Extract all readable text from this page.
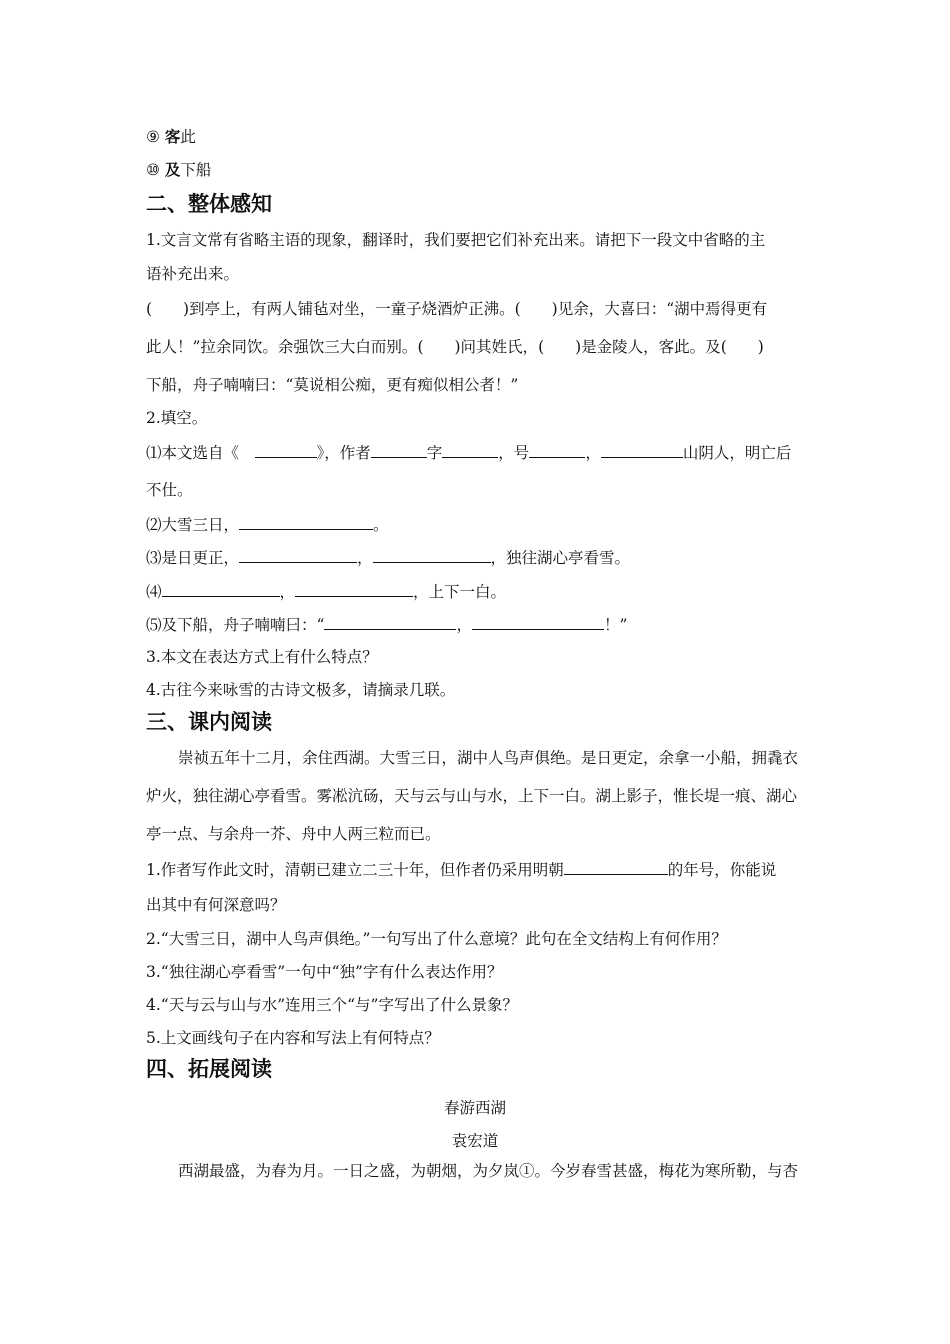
⑨ 客此
⑩ 及下船
二、整体感知
1.文言文常有省略主语的现象，翻译时，我们要把它们补充出来。请把下一段文中省略的主
语补充出来。
(  )到亭上，有两人铺毡对坐，一童子烧酒炉正沸。(  )见余，大喜曰：“湖中焉得更有
此人！”拉余同饮。余强饮三大白而别。(  )问其姓氏，(  )是金陵人，客此。及(  )
下船，舟子喃喃曰：“莫说相公痴，更有痴似相公者！”
2.填空。
⑴本文选自《 	》，作者	字	，号	，	山阴人，明亡后
不仕。
⑵大雪三日，	。
⑶是日更正，	，	，独往湖心亭看雪。
⑷	，	，上下一白。
⑸及下船，舟子喃喃曰：“	，	！”
3.本文在表达方式上有什么特点？
4.古往今来咏雪的古诗文极多，请摘录几联。
三、课内阅读
崇祯五年十二月，余住西湖。大雪三日，湖中人鸟声俱绝。是日更定，余拿一小船，拥毳衣
炉火，独往湖心亭看雪。雾凇沆砀，天与云与山与水，上下一白。湖上影子，惟长堤一痕、湖心
亭一点、与余舟一芥、舟中人两三粒而已。
1.作者写作此文时，清朝已建立二三十年，但作者仍采用明朝	的年号，你能说
出其中有何深意吗？
2.“大雪三日，湖中人鸟声俱绝。”一句写出了什么意境？此句在全文结构上有何作用？
3.“独往湖心亭看雪”一句中“独”字有什么表达作用？
4.“天与云与山与水”连用三个“与”字写出了什么景象？
5.上文画线句子在内容和写法上有何特点？
四、拓展阅读
春游西湖
袁宏道
西湖最盛，为春为月。一日之盛，为朝烟，为夕岚①。今岁春雪甚盛，梅花为寒所勒，与杏
